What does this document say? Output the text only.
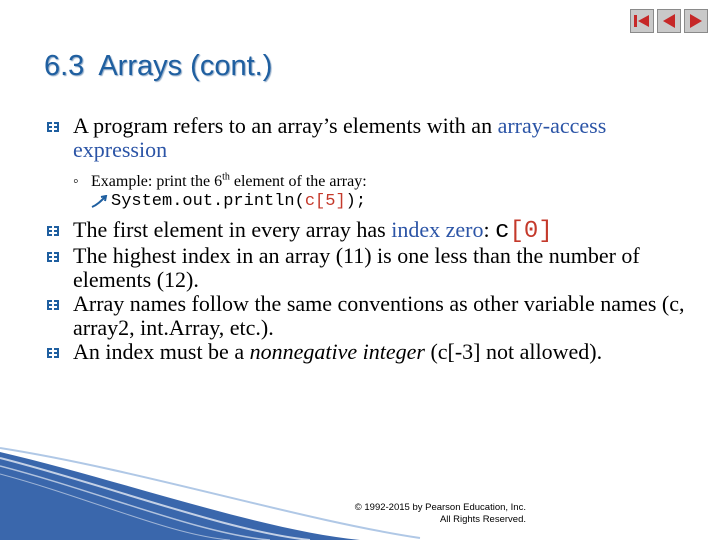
6.3 Arrays (cont.)
A program refers to an array’s elements with an array-access expression
◦ Example: print the 6th element of the array:
System.out.println(c[5]);
The first element in every array has index zero: c[0]
The highest index in an array (11) is one less than the number of elements (12).
Array names follow the same conventions as other variable names (c, array2, int.Array, etc.).
An index must be a nonnegative integer (c[-3] not allowed).
© 1992-2015 by Pearson Education, Inc.
All Rights Reserved.
